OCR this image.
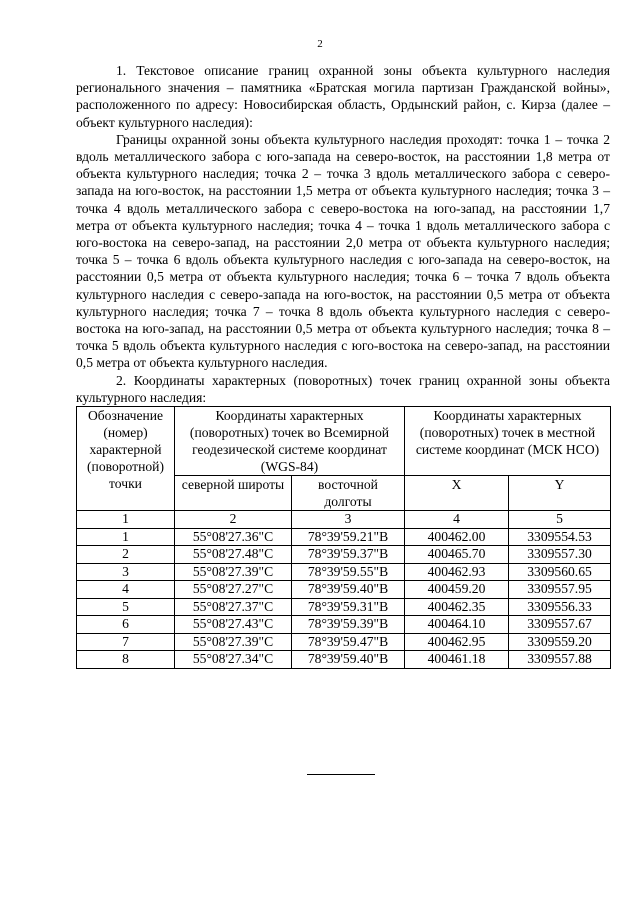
2

1. Текстовое описание границ охранной зоны объекта культурного наследия регионального значения – памятника «Братская могила партизан Гражданской войны», расположенного по адресу: Новосибирская область, Ордынский район, с. Кирза (далее – объект культурного наследия):

Границы охранной зоны объекта культурного наследия проходят: точка 1 – точка 2 вдоль металлического забора с юго-запада на северо-восток, на расстоянии 1,8 метра от объекта культурного наследия; точка 2 – точка 3 вдоль металлического забора с северо-запада на юго-восток, на расстоянии 1,5 метра от объекта культурного наследия; точка 3 – точка 4 вдоль металлического забора с северо-востока на юго-запад, на расстоянии 1,7 метра от объекта культурного наследия; точка 4 – точка 1 вдоль металлического забора с юго-востока на северо-запад, на расстоянии 2,0 метра от объекта культурного наследия; точка 5 – точка 6 вдоль объекта культурного наследия с юго-запада на северо-восток, на расстоянии 0,5 метра от объекта культурного наследия; точка 6 – точка 7 вдоль объекта культурного наследия с северо-запада на юго-восток, на расстоянии 0,5 метра от объекта культурного наследия; точка 7 – точка 8 вдоль объекта культурного наследия с северо-востока на юго-запад, на расстоянии 0,5 метра от объекта культурного наследия; точка 8 – точка 5 вдоль объекта культурного наследия с юго-востока на северо-запад, на расстоянии 0,5 метра от объекта культурного наследия.

2. Координаты характерных (поворотных) точек границ охранной зоны объекта культурного наследия:

Обозначение (номер) характерной (поворотной) точки	Координаты характерных (поворотных) точек во Всемирной геодезической системе координат (WGS-84)		Координаты характерных (поворотных) точек в местной системе координат (МСК НСО)	
	северной широты	восточной долготы	X	Y
1	2	3	4	5
1	55°08'27.36"С	78°39'59.21"В	400462.00	3309554.53
2	55°08'27.48"С	78°39'59.37"В	400465.70	3309557.30
3	55°08'27.39"С	78°39'59.55"В	400462.93	3309560.65
4	55°08'27.27"С	78°39'59.40"В	400459.20	3309557.95
5	55°08'27.37"С	78°39'59.31"В	400462.35	3309556.33
6	55°08'27.43"С	78°39'59.39"В	400464.10	3309557.67
7	55°08'27.39"С	78°39'59.47"В	400462.95	3309559.20
8	55°08'27.34"С	78°39'59.40"В	400461.18	3309557.88
